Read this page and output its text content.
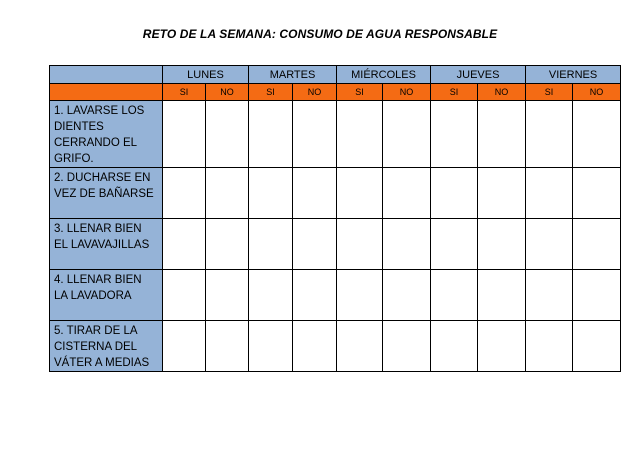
RETO DE LA SEMANA: CONSUMO DE AGUA RESPONSABLE
	LUNES		MARTES		MIÉRCOLES		JUEVES		VIERNES	
	SI	NO	SI	NO	SI	NO	SI	NO	SI	NO
1. LAVARSE LOS DIENTES CERRANDO EL GRIFO.										
2. DUCHARSE EN VEZ DE BAÑARSE										
3. LLENAR BIEN EL LAVAVAJILLAS										
4. LLENAR BIEN LA LAVADORA										
5. TIRAR DE LA CISTERNA DEL VÁTER A MEDIAS										
